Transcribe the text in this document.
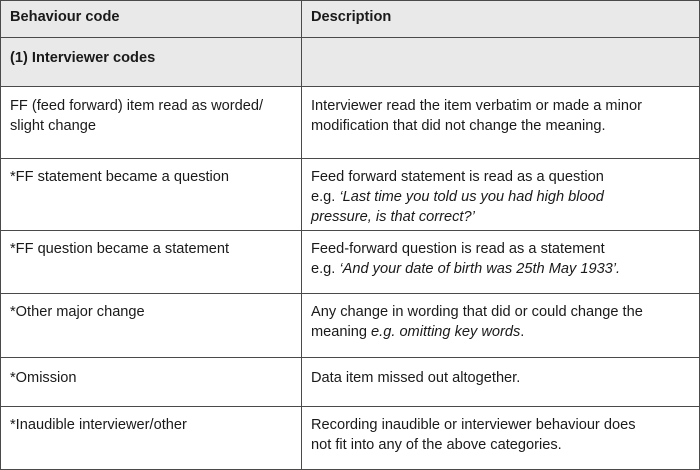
Behaviour code	Description
(1) Interviewer codes	

FF (feed forward) item read as worded/
slight change	Interviewer read the item verbatim or made a minor
modification that did not change the meaning.

*FF statement became a question	Feed forward statement is read as a question
e.g. ‘Last time you told us you had high blood
pressure, is that correct?’

*FF question became a statement	Feed-forward question is read as a statement
e.g. ‘And your date of birth was 25th May 1933’.

*Other major change	Any change in wording that did or could change the
meaning e.g. omitting key words.

*Omission	Data item missed out altogether.

*Inaudible interviewer/other	Recording inaudible or interviewer behaviour does
not fit into any of the above categories.
